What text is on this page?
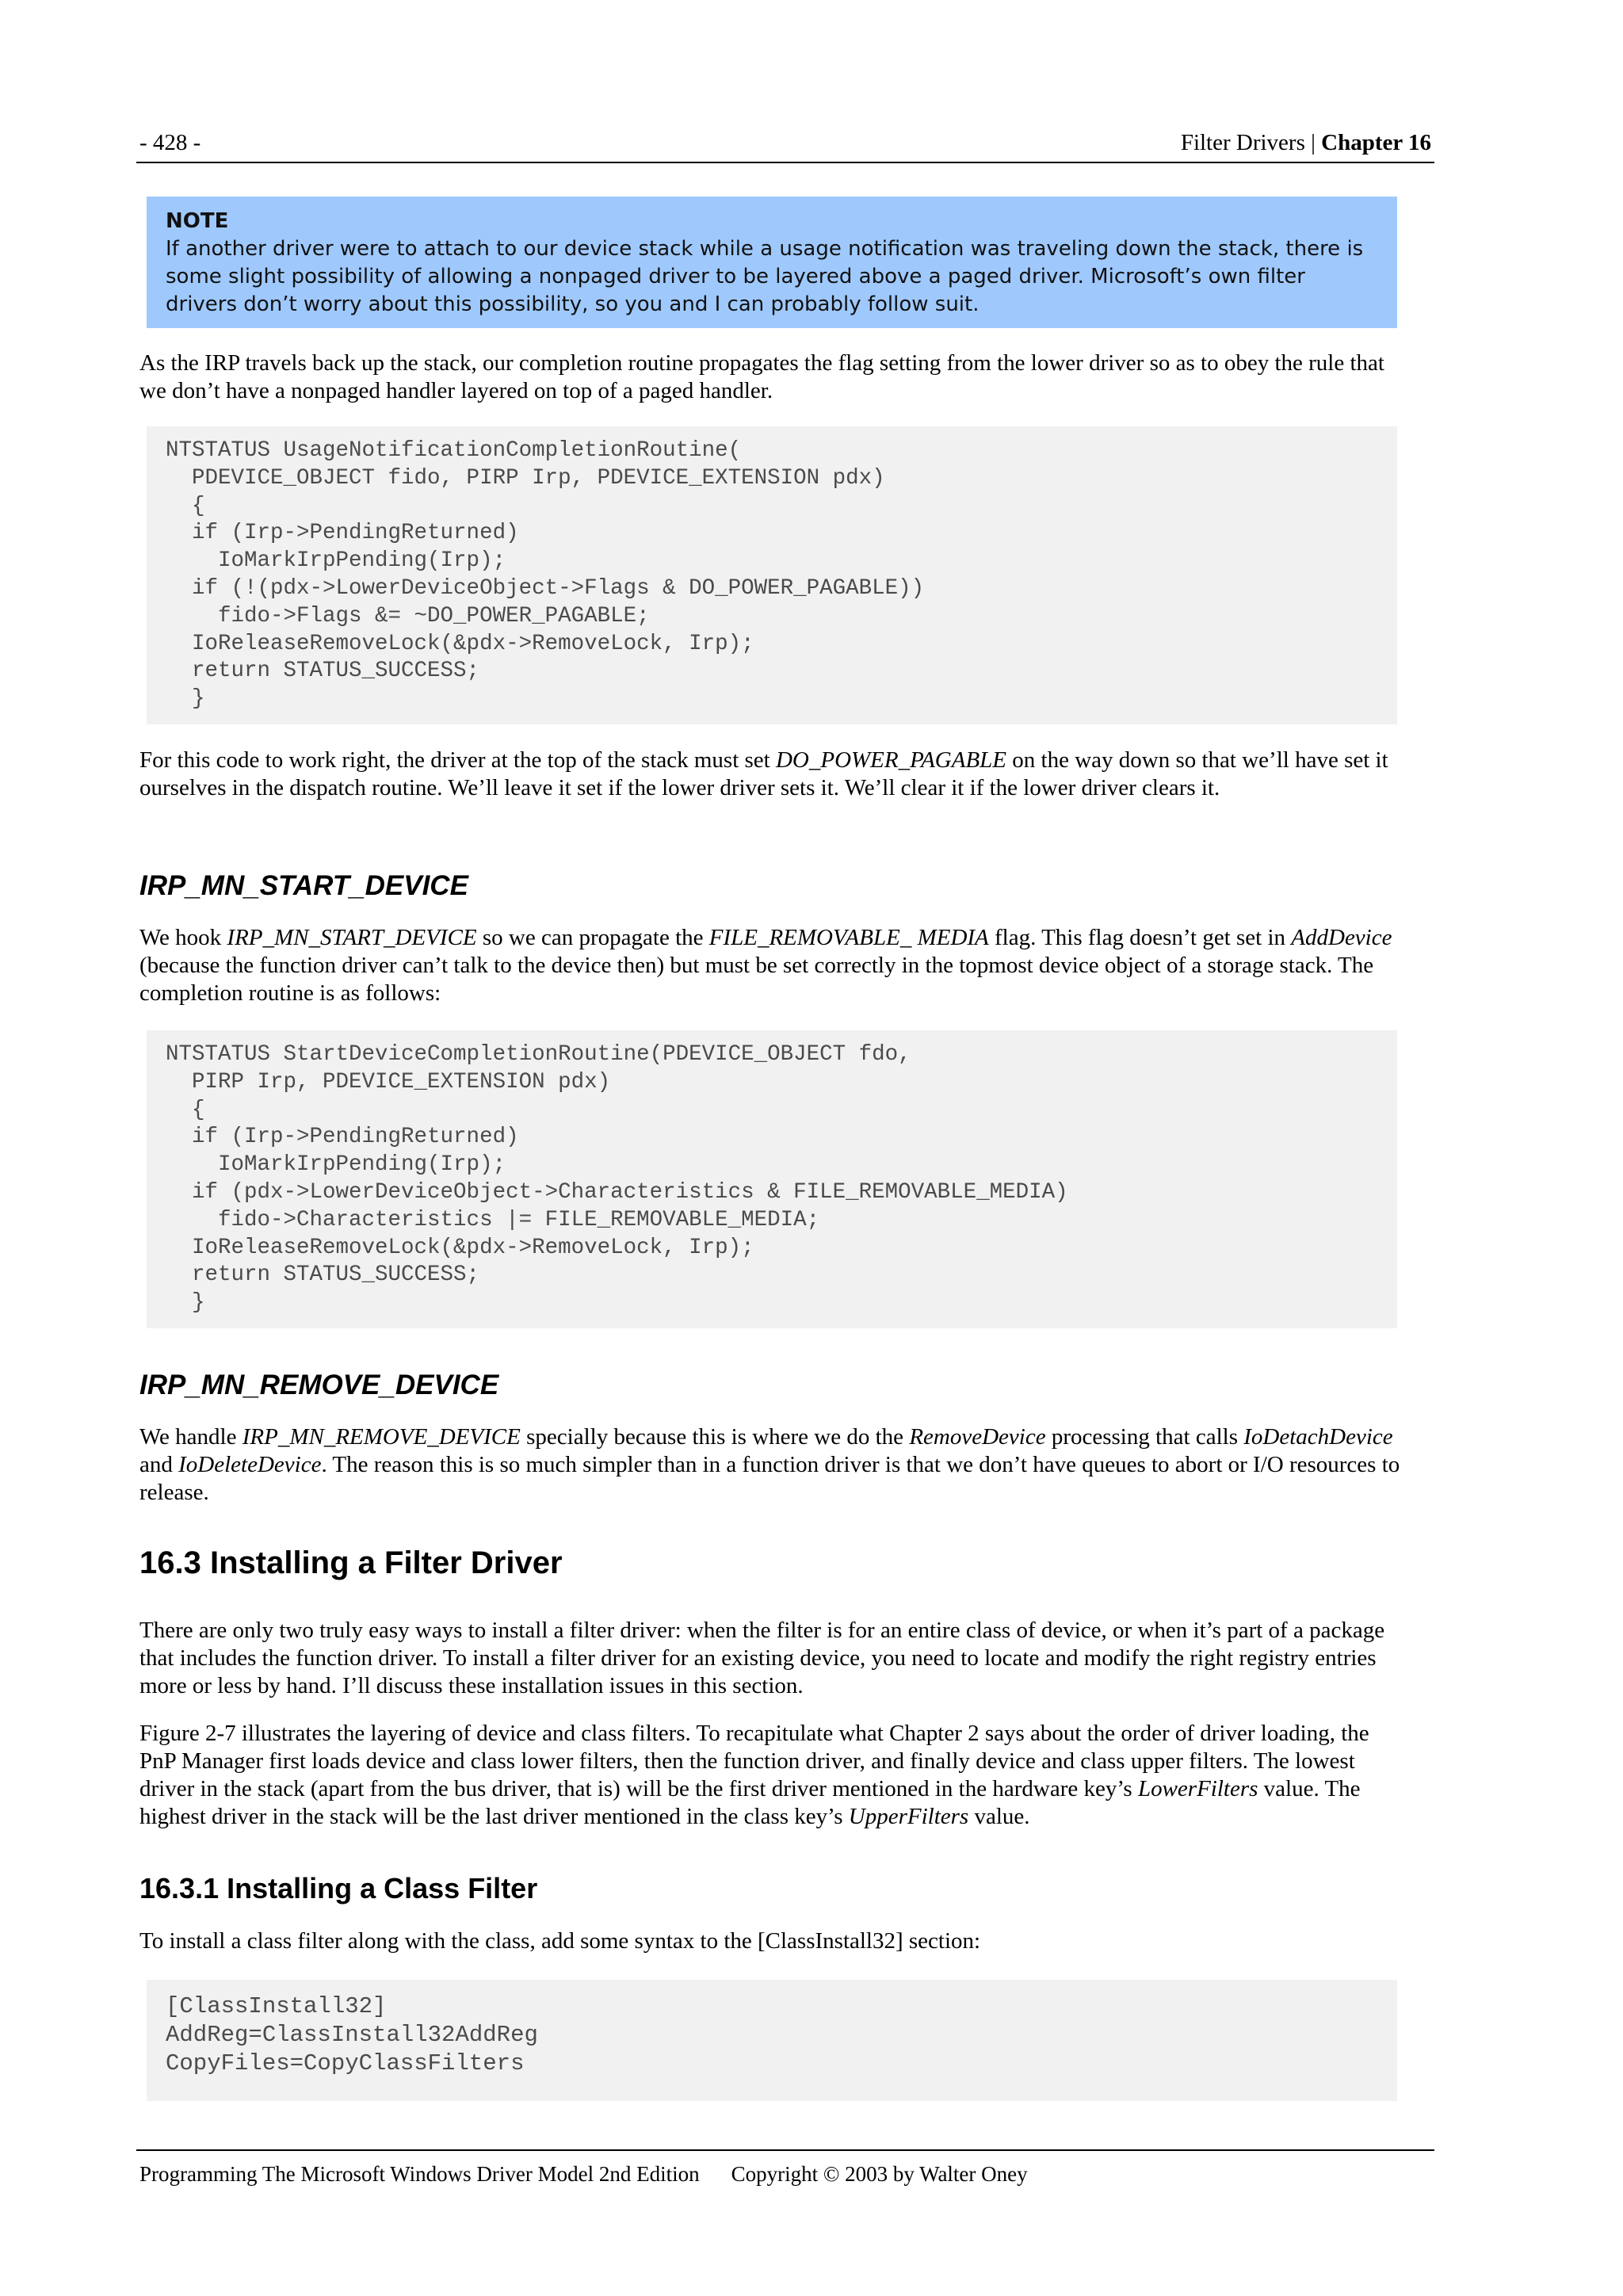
- 428 -	Filter Drivers | Chapter 16
NOTE
If another driver were to attach to our device stack while a usage notification was traveling down the stack, there is some slight possibility of allowing a nonpaged driver to be layered above a paged driver. Microsoft’s own filter drivers don’t worry about this possibility, so you and I can probably follow suit.

As the IRP travels back up the stack, our completion routine propagates the flag setting from the lower driver so as to obey the rule that we don’t have a nonpaged handler layered on top of a paged handler.

NTSTATUS UsageNotificationCompletionRoutine(
PDEVICE_OBJECT fido, PIRP Irp, PDEVICE_EXTENSION pdx)
{
if (Irp->PendingReturned)
IoMarkIrpPending(Irp);
if (!(pdx->LowerDeviceObject->Flags & DO_POWER_PAGABLE))
fido->Flags &= ~DO_POWER_PAGABLE;
IoReleaseRemoveLock(&pdx->RemoveLock, Irp);
return STATUS_SUCCESS;
}

For this code to work right, the driver at the top of the stack must set DO_POWER_PAGABLE on the way down so that we’ll have set it ourselves in the dispatch routine. We’ll leave it set if the lower driver sets it. We’ll clear it if the lower driver clears it.

IRP_MN_START_DEVICE

We hook IRP_MN_START_DEVICE so we can propagate the FILE_REMOVABLE_ MEDIA flag. This flag doesn’t get set in AddDevice (because the function driver can’t talk to the device then) but must be set correctly in the topmost device object of a storage stack. The completion routine is as follows:

NTSTATUS StartDeviceCompletionRoutine(PDEVICE_OBJECT fdo,
PIRP Irp, PDEVICE_EXTENSION pdx)
{
if (Irp->PendingReturned)
IoMarkIrpPending(Irp);
if (pdx->LowerDeviceObject->Characteristics & FILE_REMOVABLE_MEDIA)
fido->Characteristics |= FILE_REMOVABLE_MEDIA;
IoReleaseRemoveLock(&pdx->RemoveLock, Irp);
return STATUS_SUCCESS;
}
IRP_MN_REMOVE_DEVICE

We handle IRP_MN_REMOVE_DEVICE specially because this is where we do the RemoveDevice processing that calls IoDetachDevice and IoDeleteDevice. The reason this is so much simpler than in a function driver is that we don’t have queues to abort or I/O resources to release.

16.3 Installing a Filter Driver

There are only two truly easy ways to install a filter driver: when the filter is for an entire class of device, or when it’s part of a package that includes the function driver. To install a filter driver for an existing device, you need to locate and modify the right registry entries more or less by hand. I’ll discuss these installation issues in this section.

Figure 2-7 illustrates the layering of device and class filters. To recapitulate what Chapter 2 says about the order of driver loading, the PnP Manager first loads device and class lower filters, then the function driver, and finally device and class upper filters. The lowest driver in the stack (apart from the bus driver, that is) will be the first driver mentioned in the hardware key’s LowerFilters value. The highest driver in the stack will be the last driver mentioned in the class key’s UpperFilters value.

16.3.1 Installing a Class Filter

To install a class filter along with the class, add some syntax to the [ClassInstall32] section:

[ClassInstall32]
AddReg=ClassInstall32AddReg
CopyFiles=CopyClassFilters
Programming The Microsoft Windows Driver Model 2nd Edition Copyright © 2003 by Walter Oney
